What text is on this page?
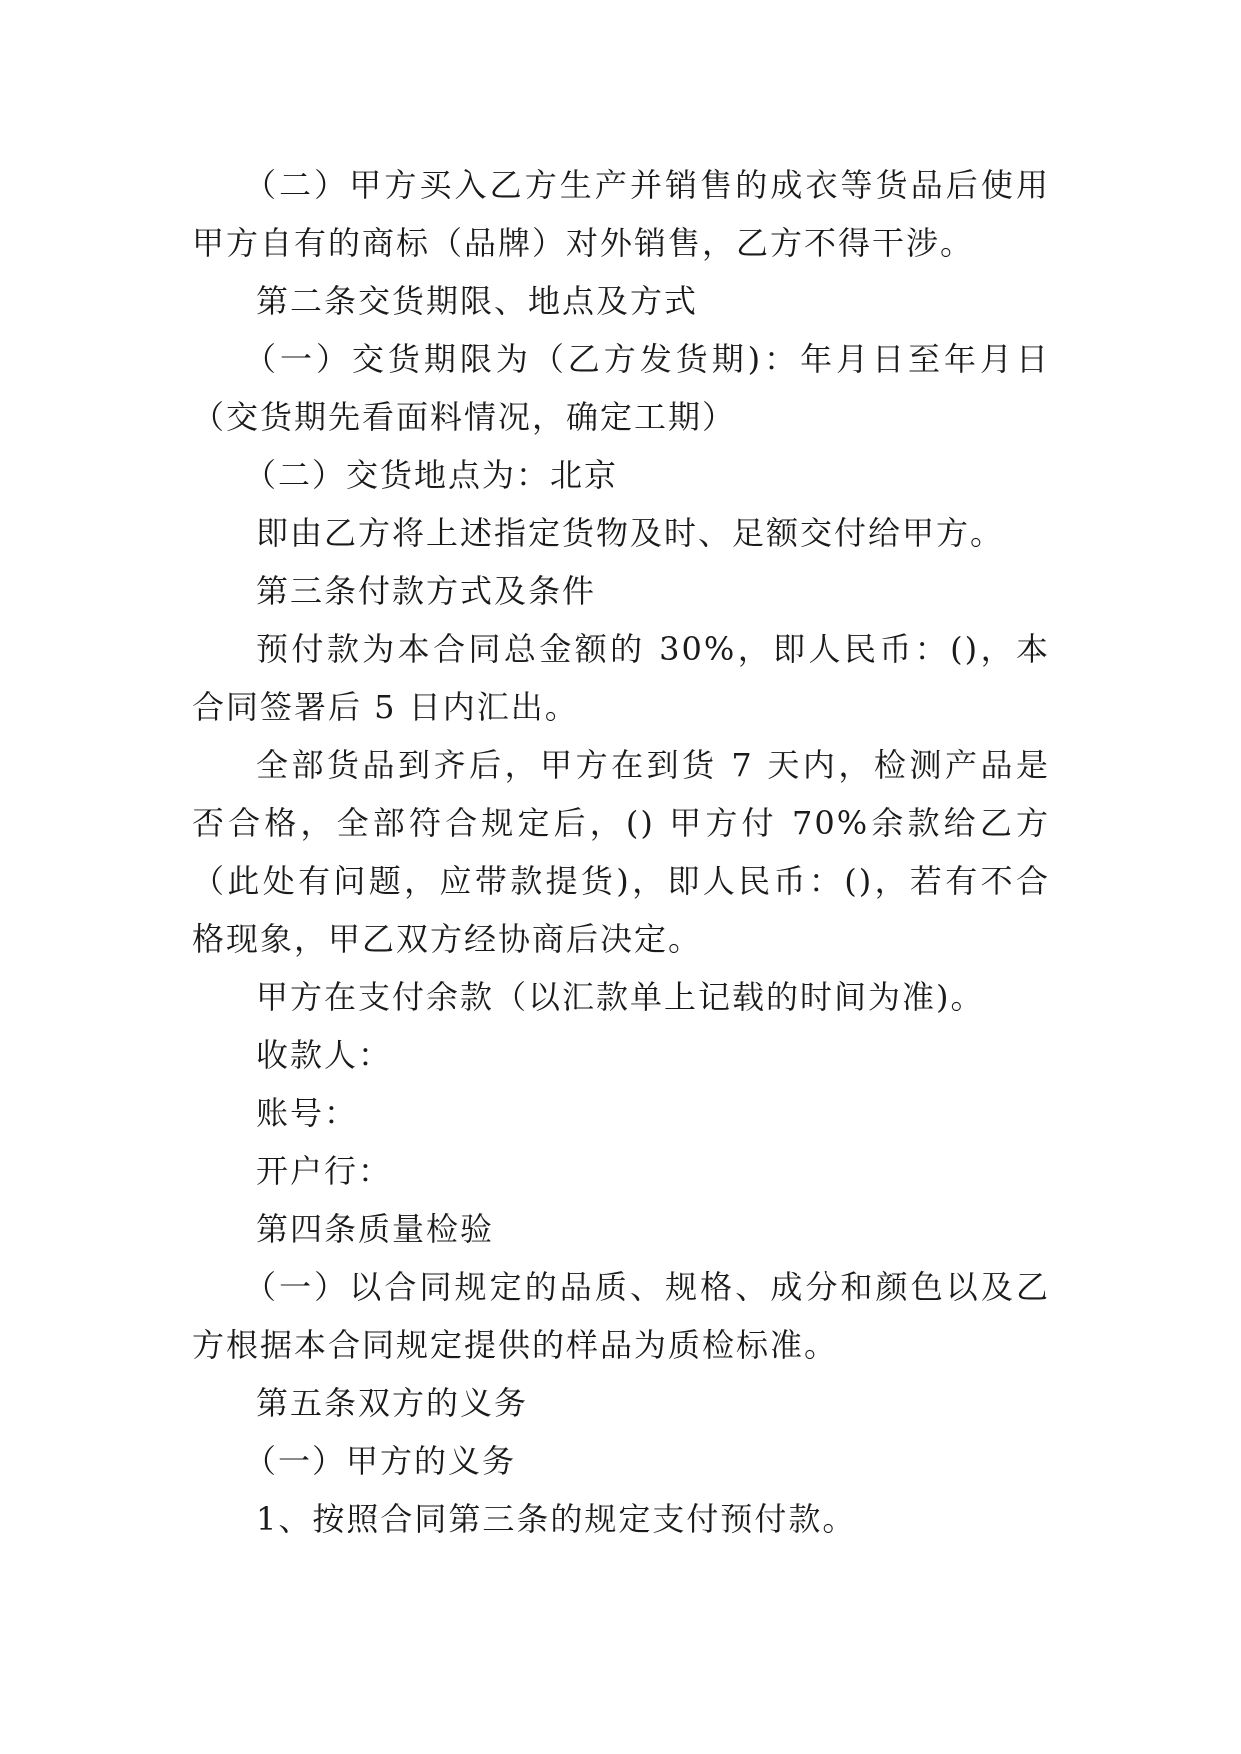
（二）甲方买入乙方生产并销售的成衣等货品后使用甲方自有的商标（品牌）对外销售，乙方不得干涉。

第二条交货期限、地点及方式

（一）交货期限为（乙方发货期)：年月日至年月日（交货期先看面料情况，确定工期）

（二）交货地点为：北京

即由乙方将上述指定货物及时、足额交付给甲方。

第三条付款方式及条件

预付款为本合同总金额的 30%，即人民币：()，本合同签署后 5 日内汇出。

全部货品到齐后，甲方在到货 7 天内，检测产品是否合格，全部符合规定后，() 甲方付 70%余款给乙方（此处有问题，应带款提货)，即人民币：()，若有不合格现象，甲乙双方经协商后决定。

甲方在支付余款（以汇款单上记载的时间为准)。

收款人：

账号：

开户行：

第四条质量检验

（一）以合同规定的品质、规格、成分和颜色以及乙方根据本合同规定提供的样品为质检标准。

第五条双方的义务

（一）甲方的义务

1、按照合同第三条的规定支付预付款。
